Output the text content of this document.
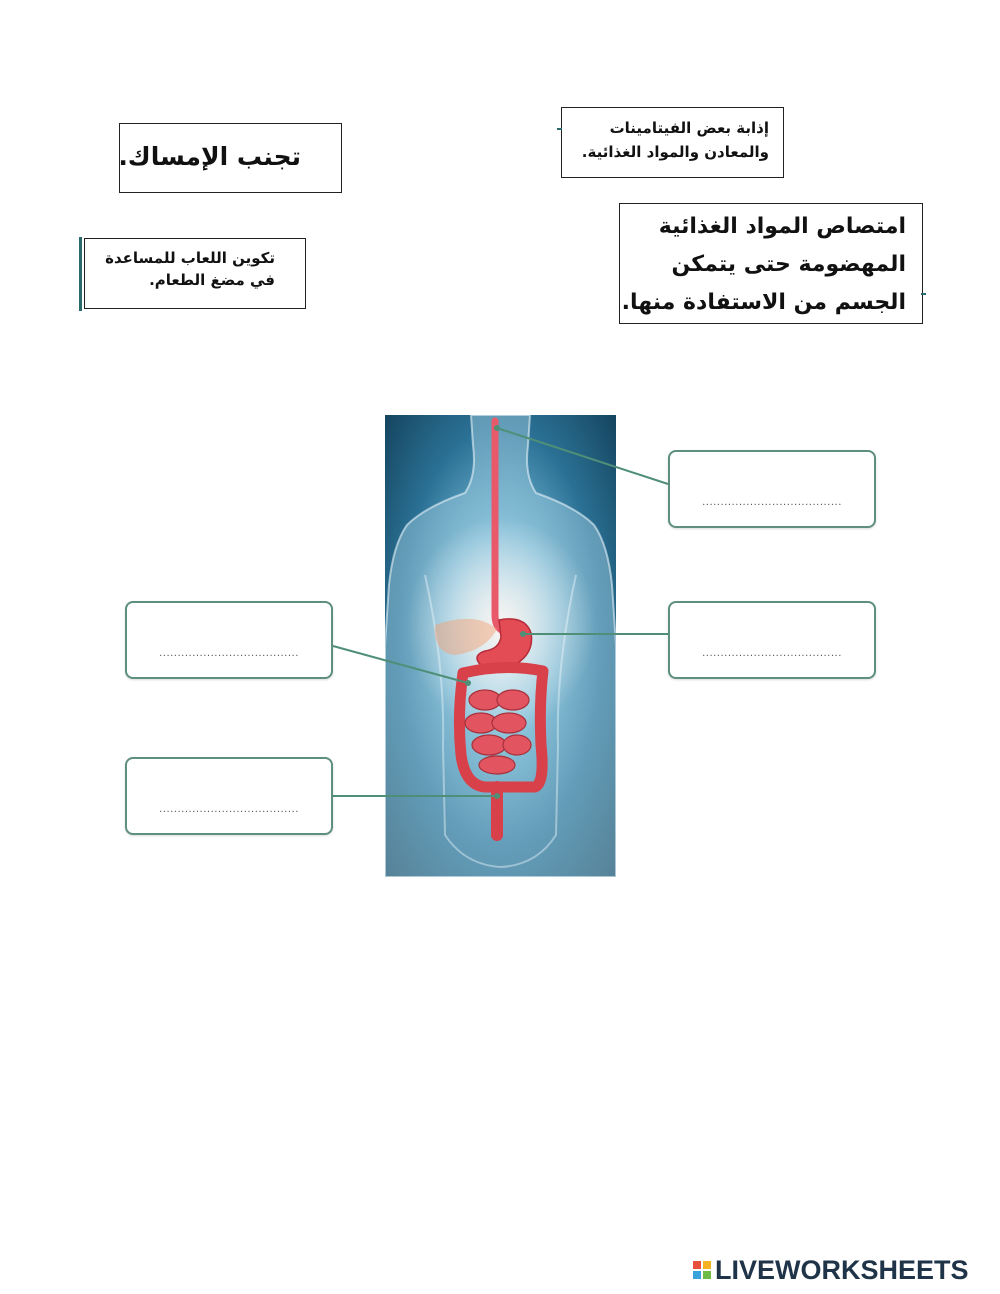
تجنب الإمساك.
إذابة بعض الفيتامينات
والمعادن والمواد الغذائية.
تكوين اللعاب للمساعدة
في مضغ الطعام.
امتصاص المواد الغذائية
المهضومة حتى يتمكن
الجسم من الاستفادة منها.
......................................
......................................
......................................
......................................
LIVEWORKSHEETS
